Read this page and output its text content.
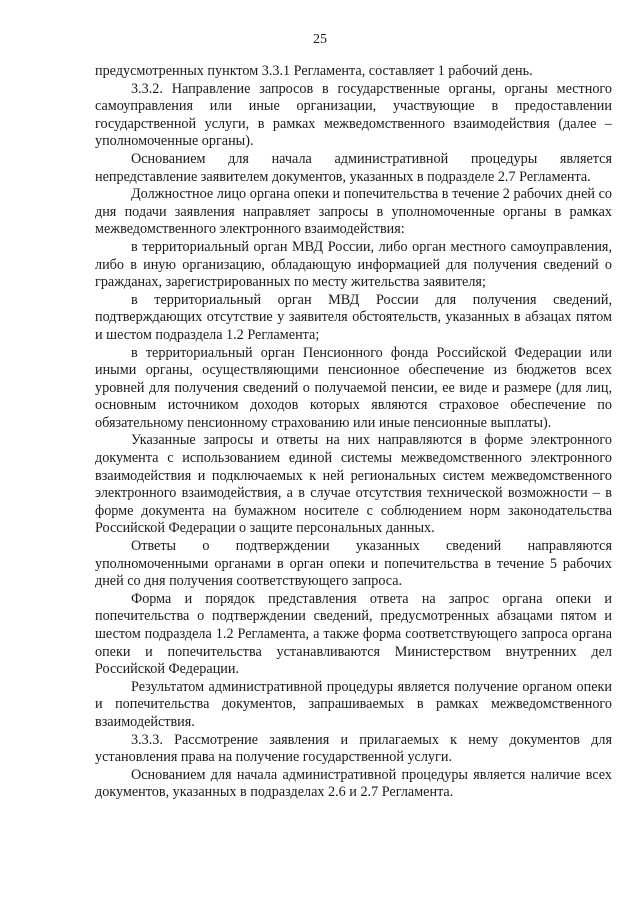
25

предусмотренных пунктом 3.3.1 Регламента, составляет 1 рабочий день.

3.3.2. Направление запросов в государственные органы, органы местного самоуправления или иные организации, участвующие в предоставлении государственной услуги, в рамках межведомственного взаимодействия (далее – уполномоченные органы).

Основанием для начала административной процедуры является непредставление заявителем документов, указанных в подразделе 2.7 Регламента.

Должностное лицо органа опеки и попечительства в течение 2 рабочих дней со дня подачи заявления направляет запросы в уполномоченные органы в рамках межведомственного электронного взаимодействия:

в территориальный орган МВД России, либо орган местного самоуправления, либо в иную организацию, обладающую информацией для получения сведений о гражданах, зарегистрированных по месту жительства заявителя;

в территориальный орган МВД России для получения сведений, подтверждающих отсутствие у заявителя обстоятельств, указанных в абзацах пятом и шестом подраздела 1.2 Регламента;

в территориальный орган Пенсионного фонда Российской Федерации или иными органы, осуществляющими пенсионное обеспечение из бюджетов всех уровней для получения сведений о получаемой пенсии, ее виде и размере (для лиц, основным источником доходов которых являются страховое обеспечение по обязательному пенсионному страхованию или иные пенсионные выплаты).

Указанные запросы и ответы на них направляются в форме электронного документа с использованием единой системы межведомственного электронного взаимодействия и подключаемых к ней региональных систем межведомственного электронного взаимодействия, а в случае отсутствия технической возможности – в форме документа на бумажном носителе с соблюдением норм законодательства Российской Федерации о защите персональных данных.

Ответы о подтверждении указанных сведений направляются уполномоченными органами в орган опеки и попечительства в течение 5 рабочих дней со дня получения соответствующего запроса.

Форма и порядок представления ответа на запрос органа опеки и попечительства о подтверждении сведений, предусмотренных абзацами пятом и шестом подраздела 1.2 Регламента, а также форма соответствующего запроса органа опеки и попечительства устанавливаются Министерством внутренних дел Российской Федерации.

Результатом административной процедуры является получение органом опеки и попечительства документов, запрашиваемых в рамках межведомственного взаимодействия.

3.3.3. Рассмотрение заявления и прилагаемых к нему документов для установления права на получение государственной услуги.

Основанием для начала административной процедуры является наличие всех документов, указанных в подразделах 2.6 и 2.7 Регламента.
